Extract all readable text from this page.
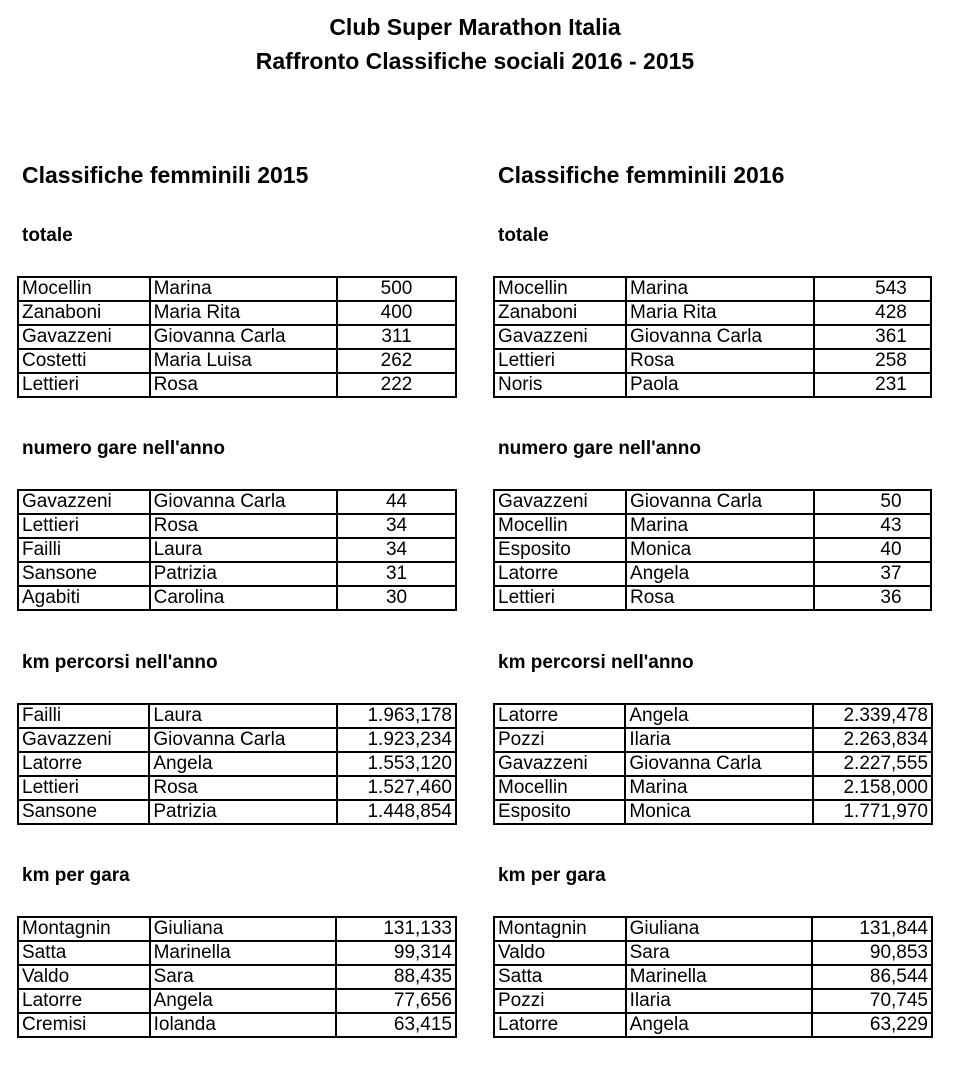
Club Super Marathon Italia
Raffronto Classifiche sociali 2016 - 2015
Classifiche femminili 2015
totale
Mocellin	Marina	500
Zanaboni	Maria Rita	400
Gavazzeni	Giovanna Carla	311
Costetti	Maria Luisa	262
Lettieri	Rosa	222
numero gare nell'anno
Gavazzeni	Giovanna Carla	44
Lettieri	Rosa	34
Failli	Laura	34
Sansone	Patrizia	31
Agabiti	Carolina	30
km percorsi nell'anno
Failli	Laura	1.963,178
Gavazzeni	Giovanna Carla	1.923,234
Latorre	Angela	1.553,120
Lettieri	Rosa	1.527,460
Sansone	Patrizia	1.448,854
km per gara
Montagnin	Giuliana	131,133
Satta	Marinella	99,314
Valdo	Sara	88,435
Latorre	Angela	77,656
Cremisi	Iolanda	63,415
Classifiche femminili 2016
totale
Mocellin	Marina	543
Zanaboni	Maria Rita	428
Gavazzeni	Giovanna Carla	361
Lettieri	Rosa	258
Noris	Paola	231
numero gare nell'anno
Gavazzeni	Giovanna Carla	50
Mocellin	Marina	43
Esposito	Monica	40
Latorre	Angela	37
Lettieri	Rosa	36
km percorsi nell'anno
Latorre	Angela	2.339,478
Pozzi	Ilaria	2.263,834
Gavazzeni	Giovanna Carla	2.227,555
Mocellin	Marina	2.158,000
Esposito	Monica	1.771,970
km per gara
Montagnin	Giuliana	131,844
Valdo	Sara	90,853
Satta	Marinella	86,544
Pozzi	Ilaria	70,745
Latorre	Angela	63,229
